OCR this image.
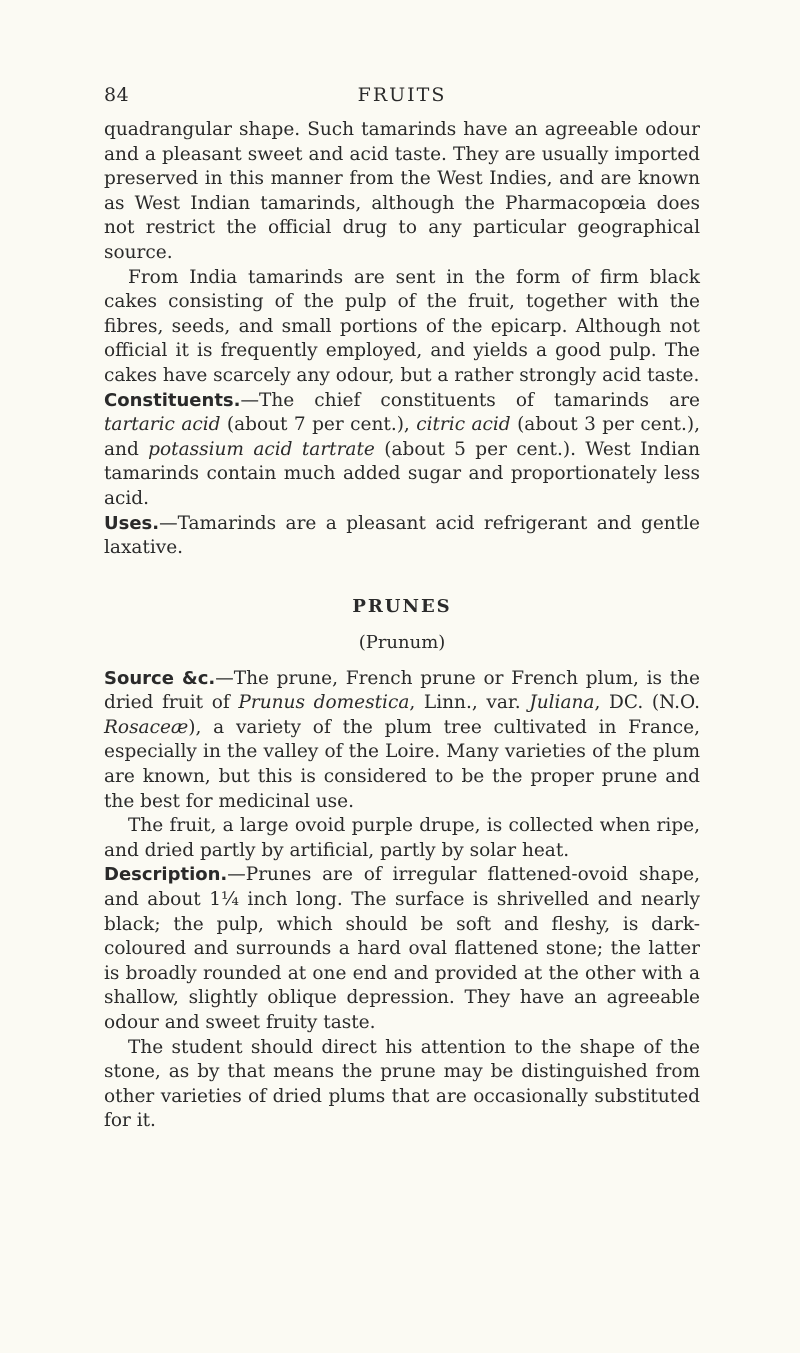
84	FRUITS

quadrangular shape. Such tamarinds have an agreeable odour and a pleasant sweet and acid taste. They are usually imported preserved in this manner from the West Indies, and are known as West Indian tamarinds, although the Pharmacopœia does not restrict the official drug to any particular geographical source.

From India tamarinds are sent in the form of firm black cakes consisting of the pulp of the fruit, together with the fibres, seeds, and small portions of the epicarp. Although not official it is frequently employed, and yields a good pulp. The cakes have scarcely any odour, but a rather strongly acid taste.

Constituents.—The chief constituents of tamarinds are tartaric acid (about 7 per cent.), citric acid (about 3 per cent.), and potassium acid tartrate (about 5 per cent.). West Indian tamarinds contain much added sugar and proportionately less acid.

Uses.—Tamarinds are a pleasant acid refrigerant and gentle laxative.

PRUNES
(Prunum)

Source &c.—The prune, French prune or French plum, is the dried fruit of Prunus domestica, Linn., var. Juliana, DC. (N.O. Rosaceæ), a variety of the plum tree cultivated in France, especially in the valley of the Loire. Many varieties of the plum are known, but this is considered to be the proper prune and the best for medicinal use.

The fruit, a large ovoid purple drupe, is collected when ripe, and dried partly by artificial, partly by solar heat.

Description.—Prunes are of irregular flattened-ovoid shape, and about 1¼ inch long. The surface is shrivelled and nearly black; the pulp, which should be soft and fleshy, is dark-coloured and surrounds a hard oval flattened stone; the latter is broadly rounded at one end and provided at the other with a shallow, slightly oblique depression. They have an agreeable odour and sweet fruity taste.

The student should direct his attention to the shape of the stone, as by that means the prune may be distinguished from other varieties of dried plums that are occasionally substituted for it.
